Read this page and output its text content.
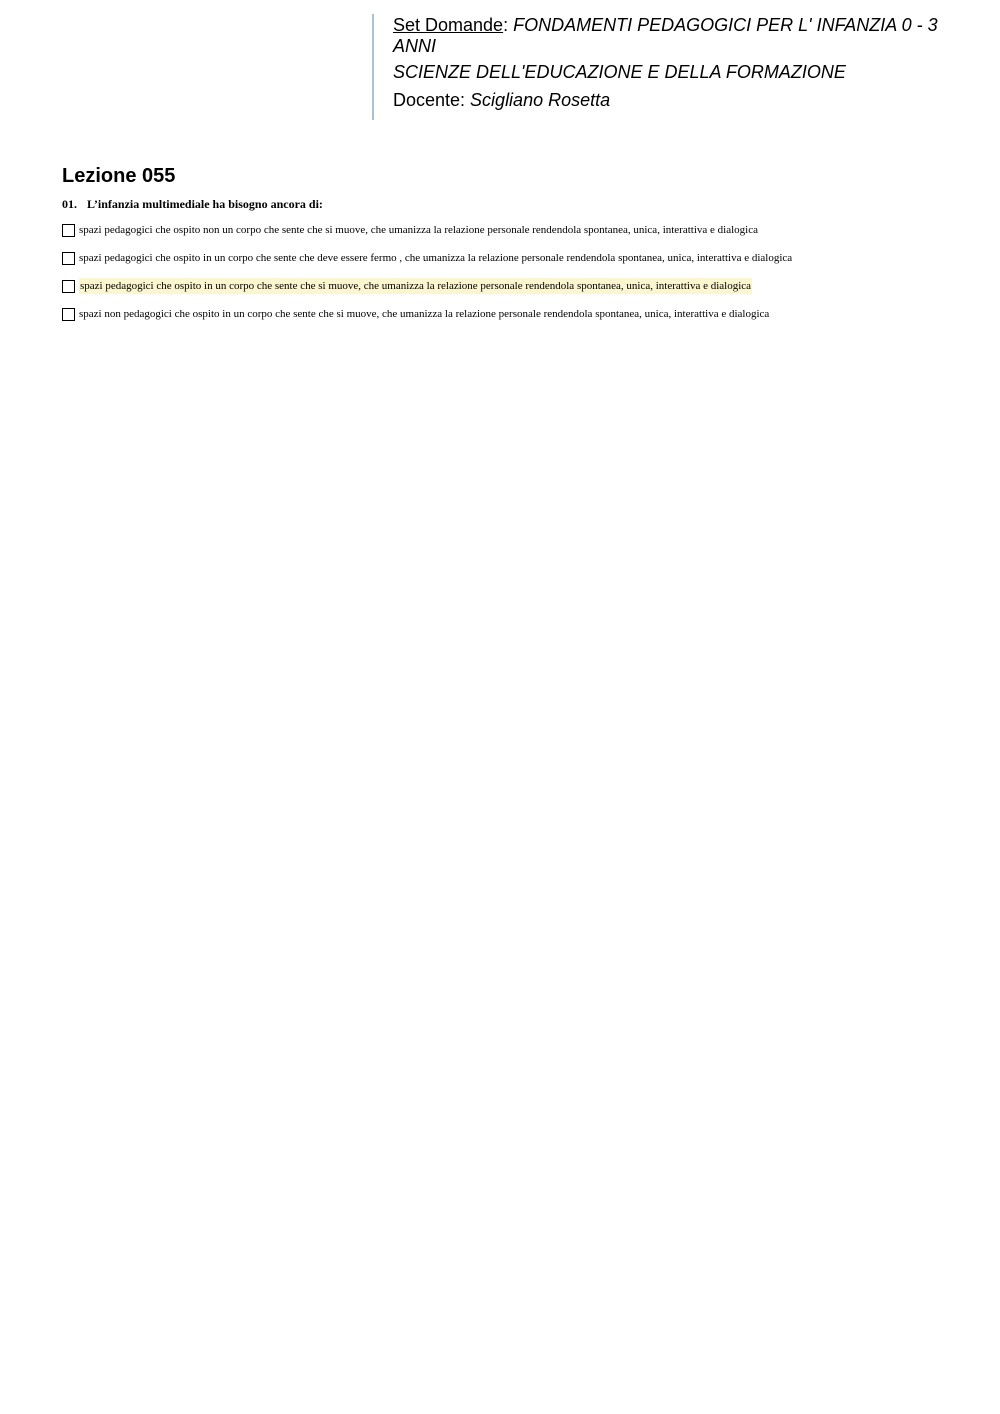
Set Domande: FONDAMENTI PEDAGOGICI PER L' INFANZIA 0 - 3
ANNI
SCIENZE DELL'EDUCAZIONE E DELLA FORMAZIONE
Docente: Scigliano Rosetta
Lezione 055
01. L’infanzia multimediale ha bisogno ancora di:
spazi pedagogici che ospito non un corpo che sente che si muove, che umanizza la relazione personale rendendola spontanea, unica, interattiva e dialogica
spazi pedagogici che ospito in un corpo che sente che deve essere fermo , che umanizza la relazione personale rendendola spontanea, unica, interattiva e dialogica
spazi pedagogici che ospito in un corpo che sente che si muove, che umanizza la relazione personale rendendola spontanea, unica, interattiva e dialogica
spazi non pedagogici che ospito in un corpo che sente che si muove, che umanizza la relazione personale rendendola spontanea, unica, interattiva e dialogica
